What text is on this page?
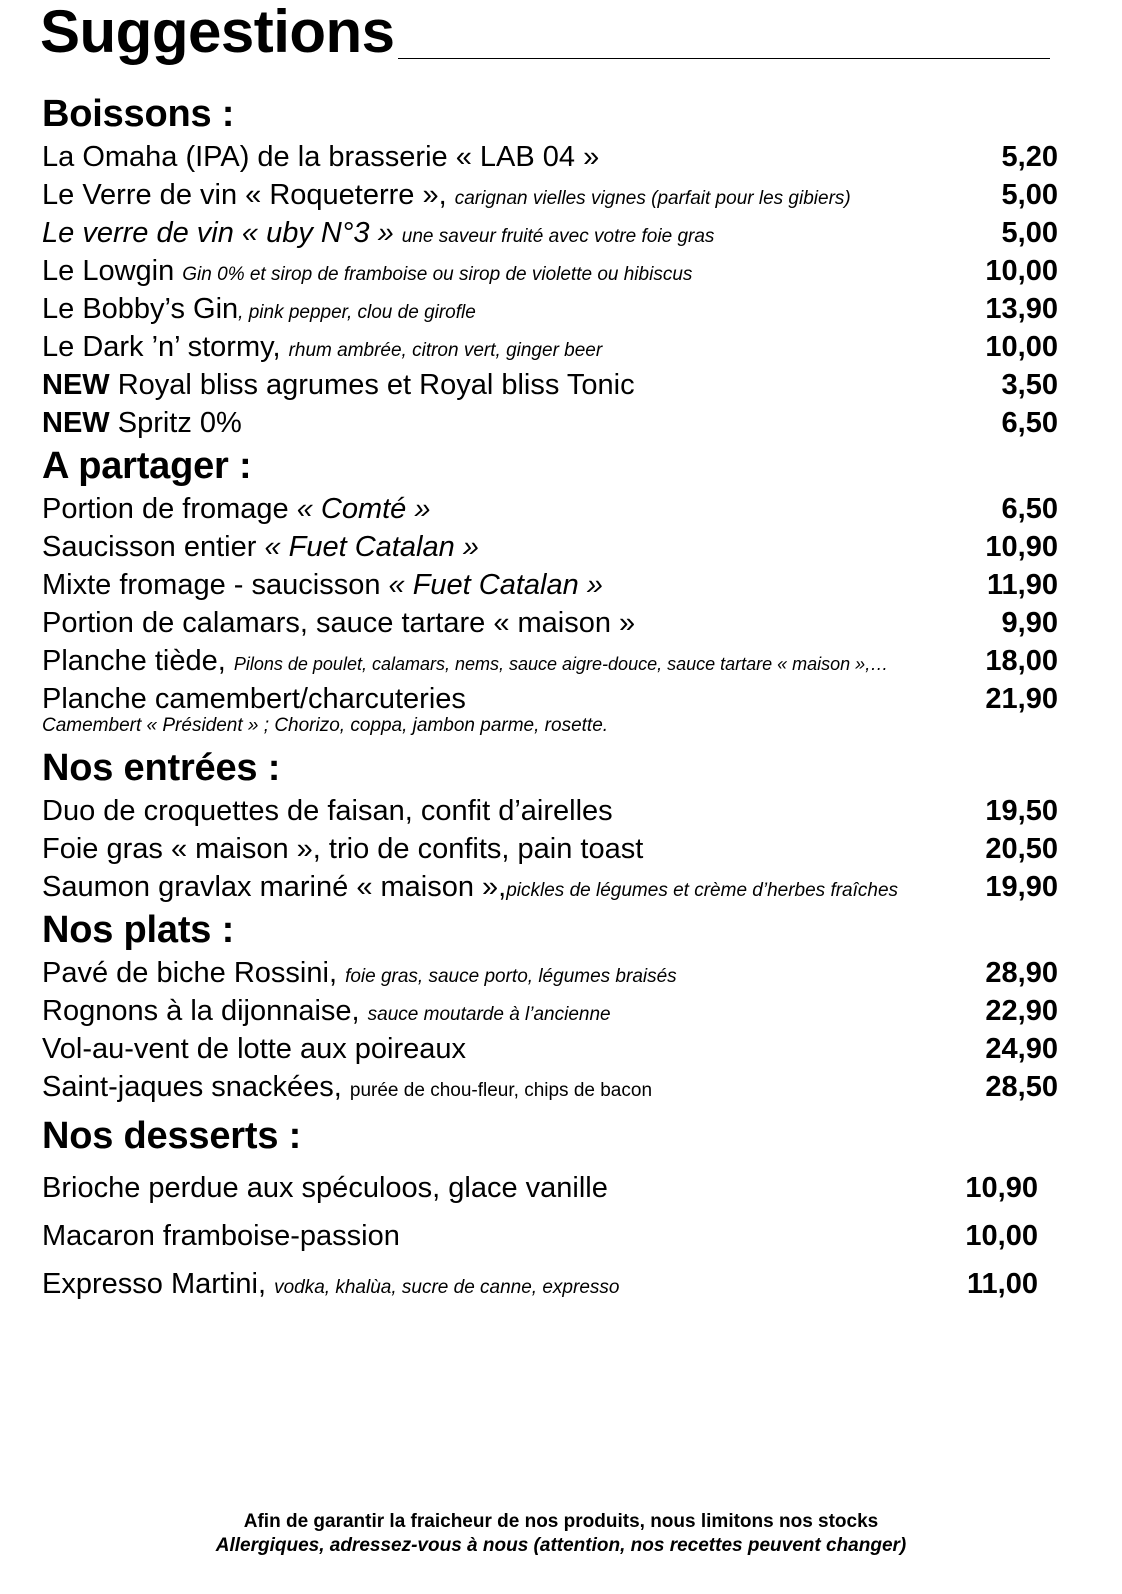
Suggestions
Boissons :
La Omaha (IPA) de la brasserie « LAB 04 »	5,20
Le Verre de vin « Roqueterre », carignan vielles vignes (parfait pour les gibiers)	5,00
Le verre de vin « uby N°3 » une saveur fruité avec votre foie gras	5,00
Le Lowgin Gin 0% et sirop de framboise ou sirop de violette ou hibiscus	10,00
Le Bobby’s Gin, pink pepper, clou de girofle	13,90
Le Dark ’n’ stormy, rhum ambrée, citron vert, ginger beer	10,00
NEW Royal bliss agrumes et Royal bliss Tonic	3,50
NEW Spritz 0%	6,50
A partager :
Portion de fromage « Comté »	6,50
Saucisson entier « Fuet Catalan »	10,90
Mixte fromage - saucisson « Fuet Catalan »	11,90
Portion de calamars, sauce tartare « maison »	9,90
Planche tiède, Pilons de poulet, calamars, nems, sauce aigre-douce, sauce tartare « maison »,…	18,00
Planche camembert/charcuteries	21,90
Camembert « Président » ; Chorizo, coppa, jambon parme, rosette.
Nos entrées :
Duo de croquettes de faisan, confit d’airelles	19,50
Foie gras « maison », trio de confits, pain toast	20,50
Saumon gravlax mariné « maison »,pickles de légumes et crème d’herbes fraîches	19,90
Nos plats :
Pavé de biche Rossini, foie gras, sauce porto, légumes braisés	28,90
Rognons à la dijonnaise, sauce moutarde à l’ancienne	22,90
Vol-au-vent de lotte aux poireaux	24,90
Saint-jaques snackées, purée de chou-fleur, chips de bacon	28,50
Nos desserts :
Brioche perdue aux spéculoos, glace vanille	10,90
Macaron framboise-passion	10,00
Expresso Martini, vodka, khalùa, sucre de canne, expresso	11,00
Afin de garantir la fraicheur de nos produits, nous limitons nos stocks
Allergiques, adressez-vous à nous (attention, nos recettes peuvent changer)
